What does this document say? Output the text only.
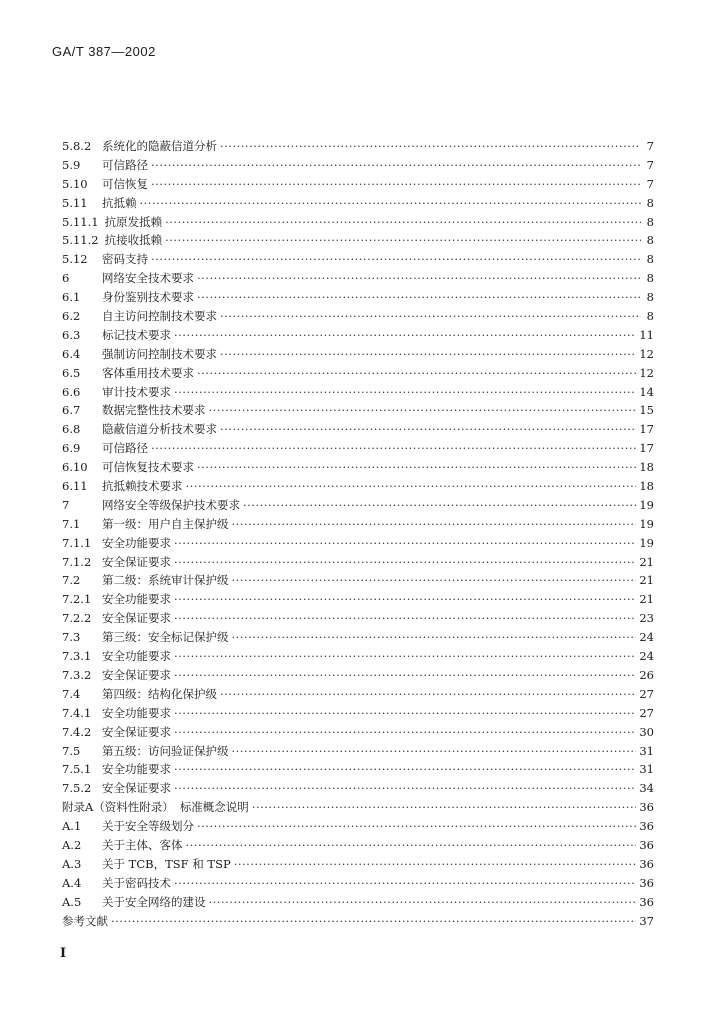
GA/T 387—2002
5.8.2 系统化的隐蔽信道分析 ·····	7
5.9	可信路径 ·····	7
5.10	可信恢复 ·····	7
5.11	抗抵赖 ·····	8
5.11.1 抗原发抵赖 ·····	8
5.11.2 抗接收抵赖 ·····	8
5.12	密码支持 ·····	8
6	网络安全技术要求 ·····	8
6.1	身份鉴别技术要求 ·····	8
6.2	自主访问控制技术要求 ·····	8
6.3	标记技术要求 ·····	11
6.4	强制访问控制技术要求 ·····	12
6.5	客体重用技术要求 ·····	12
6.6	审计技术要求 ·····	14
6.7	数据完整性技术要求 ·····	15
6.8	隐蔽信道分析技术要求 ·····	17
6.9	可信路径 ·····	17
6.10	可信恢复技术要求 ·····	18
6.11	抗抵赖技术要求 ·····	18
7	网络安全等级保护技术要求 ·····	19
7.1	第一级：用户自主保护级 ·····	19
7.1.1 安全功能要求 ·····	19
7.1.2 安全保证要求 ·····	21
7.2	第二级：系统审计保护级 ·····	21
7.2.1 安全功能要求 ·····	21
7.2.2 安全保证要求 ·····	23
7.3	第三级：安全标记保护级 ·····	24
7.3.1 安全功能要求 ·····	24
7.3.2 安全保证要求 ·····	26
7.4	第四级：结构化保护级 ·····	27
7.4.1 安全功能要求 ·····	27
7.4.2 安全保证要求 ·····	30
7.5	第五级：访问验证保护级 ·····	31
7.5.1 安全功能要求 ·····	31
7.5.2 安全保证要求 ·····	34
附录A（资料性附录） 标准概念说明 ·····	36
A.1	关于安全等级划分 ·····	36
A.2	关于主体、客体 ·····	36
A.3	关于 TCB，TSF 和 TSP ·····	36
A.4	关于密码技术 ·····	36
A.5	关于安全网络的建设 ·····	36
参考文献 ·····	37
I
